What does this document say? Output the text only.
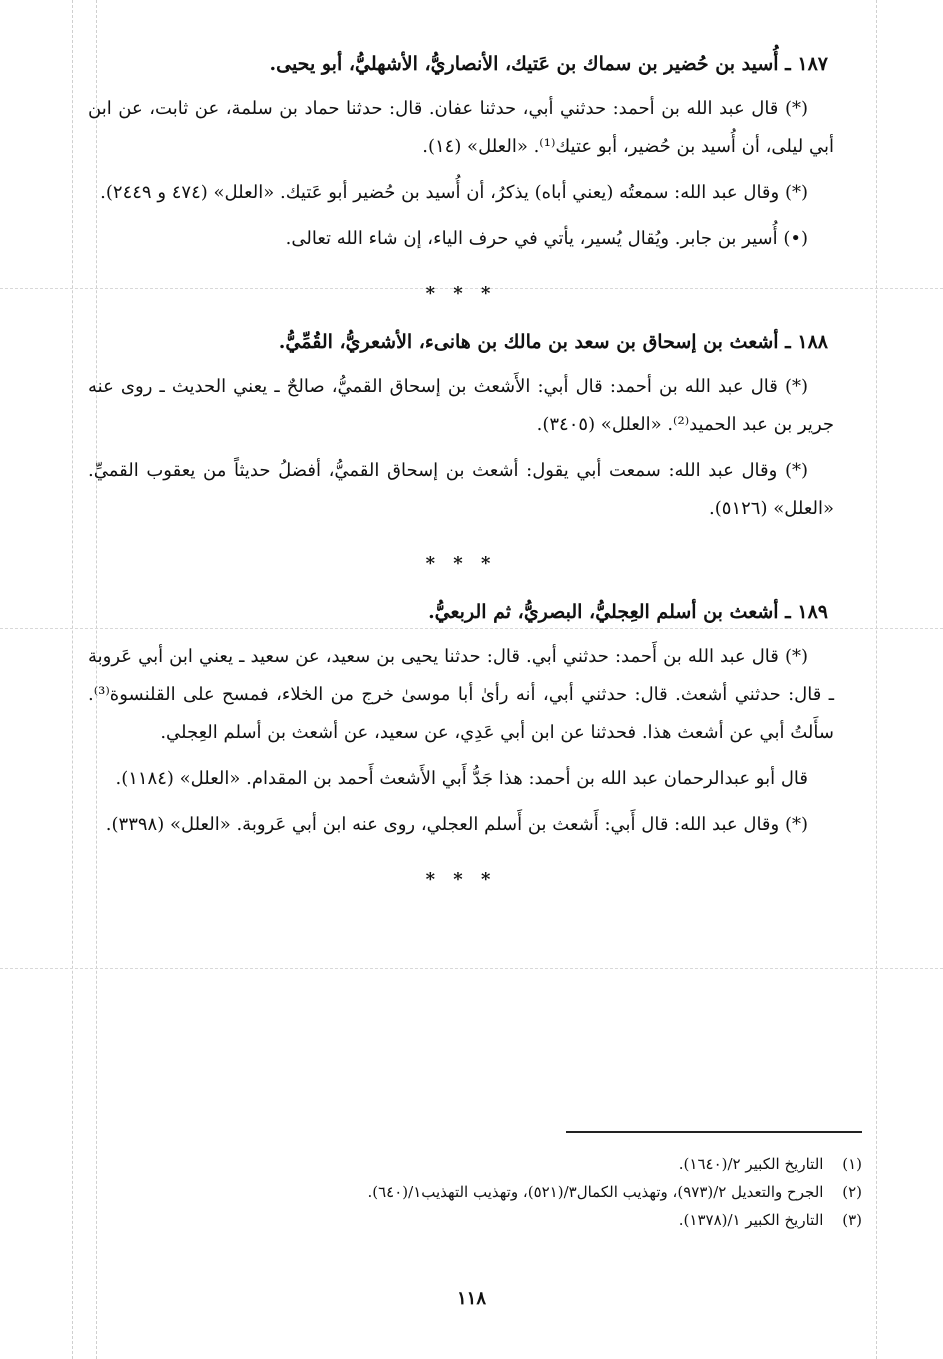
١٨٧ ـ أُسيد بن حُضير بن سماك بن عَتيك، الأنصاريُّ، الأشهليُّ، أبو يحيى.

(*) قال عبد الله بن أحمد: حدثني أبي، حدثنا عفان. قال: حدثنا حماد بن سلمة، عن ثابت، عن ابن أبي ليلى، أن أُسيد بن حُضير، أبو عتيك⁽¹⁾. «العلل» (١٤).

(*) وقال عبد الله: سمعتُه (يعني أباه) يذكرُ، أن أُسيد بن حُضير أبو عَتيك. «العلل» (٤٧٤ و ٢٤٤٩).

(•) أُسير بن جابر. ويُقال يُسير، يأتي في حرف الياء، إن شاء الله تعالى.

* * *
١٨٨ ـ أشعث بن إسحاق بن سعد بن مالك بن هانىء، الأشعريُّ، القُمِّيُّ.

(*) قال عبد الله بن أحمد: قال أبي: الأَشعث بن إسحاق القميُّ، صالحٌ ـ يعني الحديث ـ روى عنه جرير بن عبد الحميد⁽²⁾. «العلل» (٣٤٠٥).

(*) وقال عبد الله: سمعت أبي يقول: أشعث بن إسحاق القميُّ، أفضلُ حديثاً من يعقوب القميِّ. «العلل» (٥١٢٦).

* * *
١٨٩ ـ أشعث بن أسلم العِجليُّ، البصريُّ، ثم الربعيُّ.

(*) قال عبد الله بن أَحمد: حدثني أبي. قال: حدثنا يحيى بن سعيد، عن سعيد ـ يعني ابن أبي عَروبة ـ قال: حدثني أشعث. قال: حدثني أبي، أنه رأىٰ أبا موسىٰ خرج من الخلاء، فمسح على القلنسوة⁽³⁾. سأَلتُ أبي عن أشعث هذا. فحدثنا عن ابن أبي عَدِي، عن سعيد، عن أشعث بن أسلم العِجلي.

قال أبو عبدالرحمان عبد الله بن أحمد: هذا جَدُّ أَبي الأَشعث أَحمد بن المقدام. «العلل» (١١٨٤).

(*) وقال عبد الله: قال أَبي: أَشعث بن أَسلم العجلي، روى عنه ابن أبي عَروبة. «العلل» (٣٣٩٨).

* * *

(١) التاريخ الكبير ٢/(١٦٤٠).

(٢) الجرح والتعديل ٢/(٩٧٣)، وتهذيب الكمال٣/(٥٢١)، وتهذيب التهذيب١/(٦٤٠).

(٣) التاريخ الكبير ١/(١٣٧٨).

١١٨
